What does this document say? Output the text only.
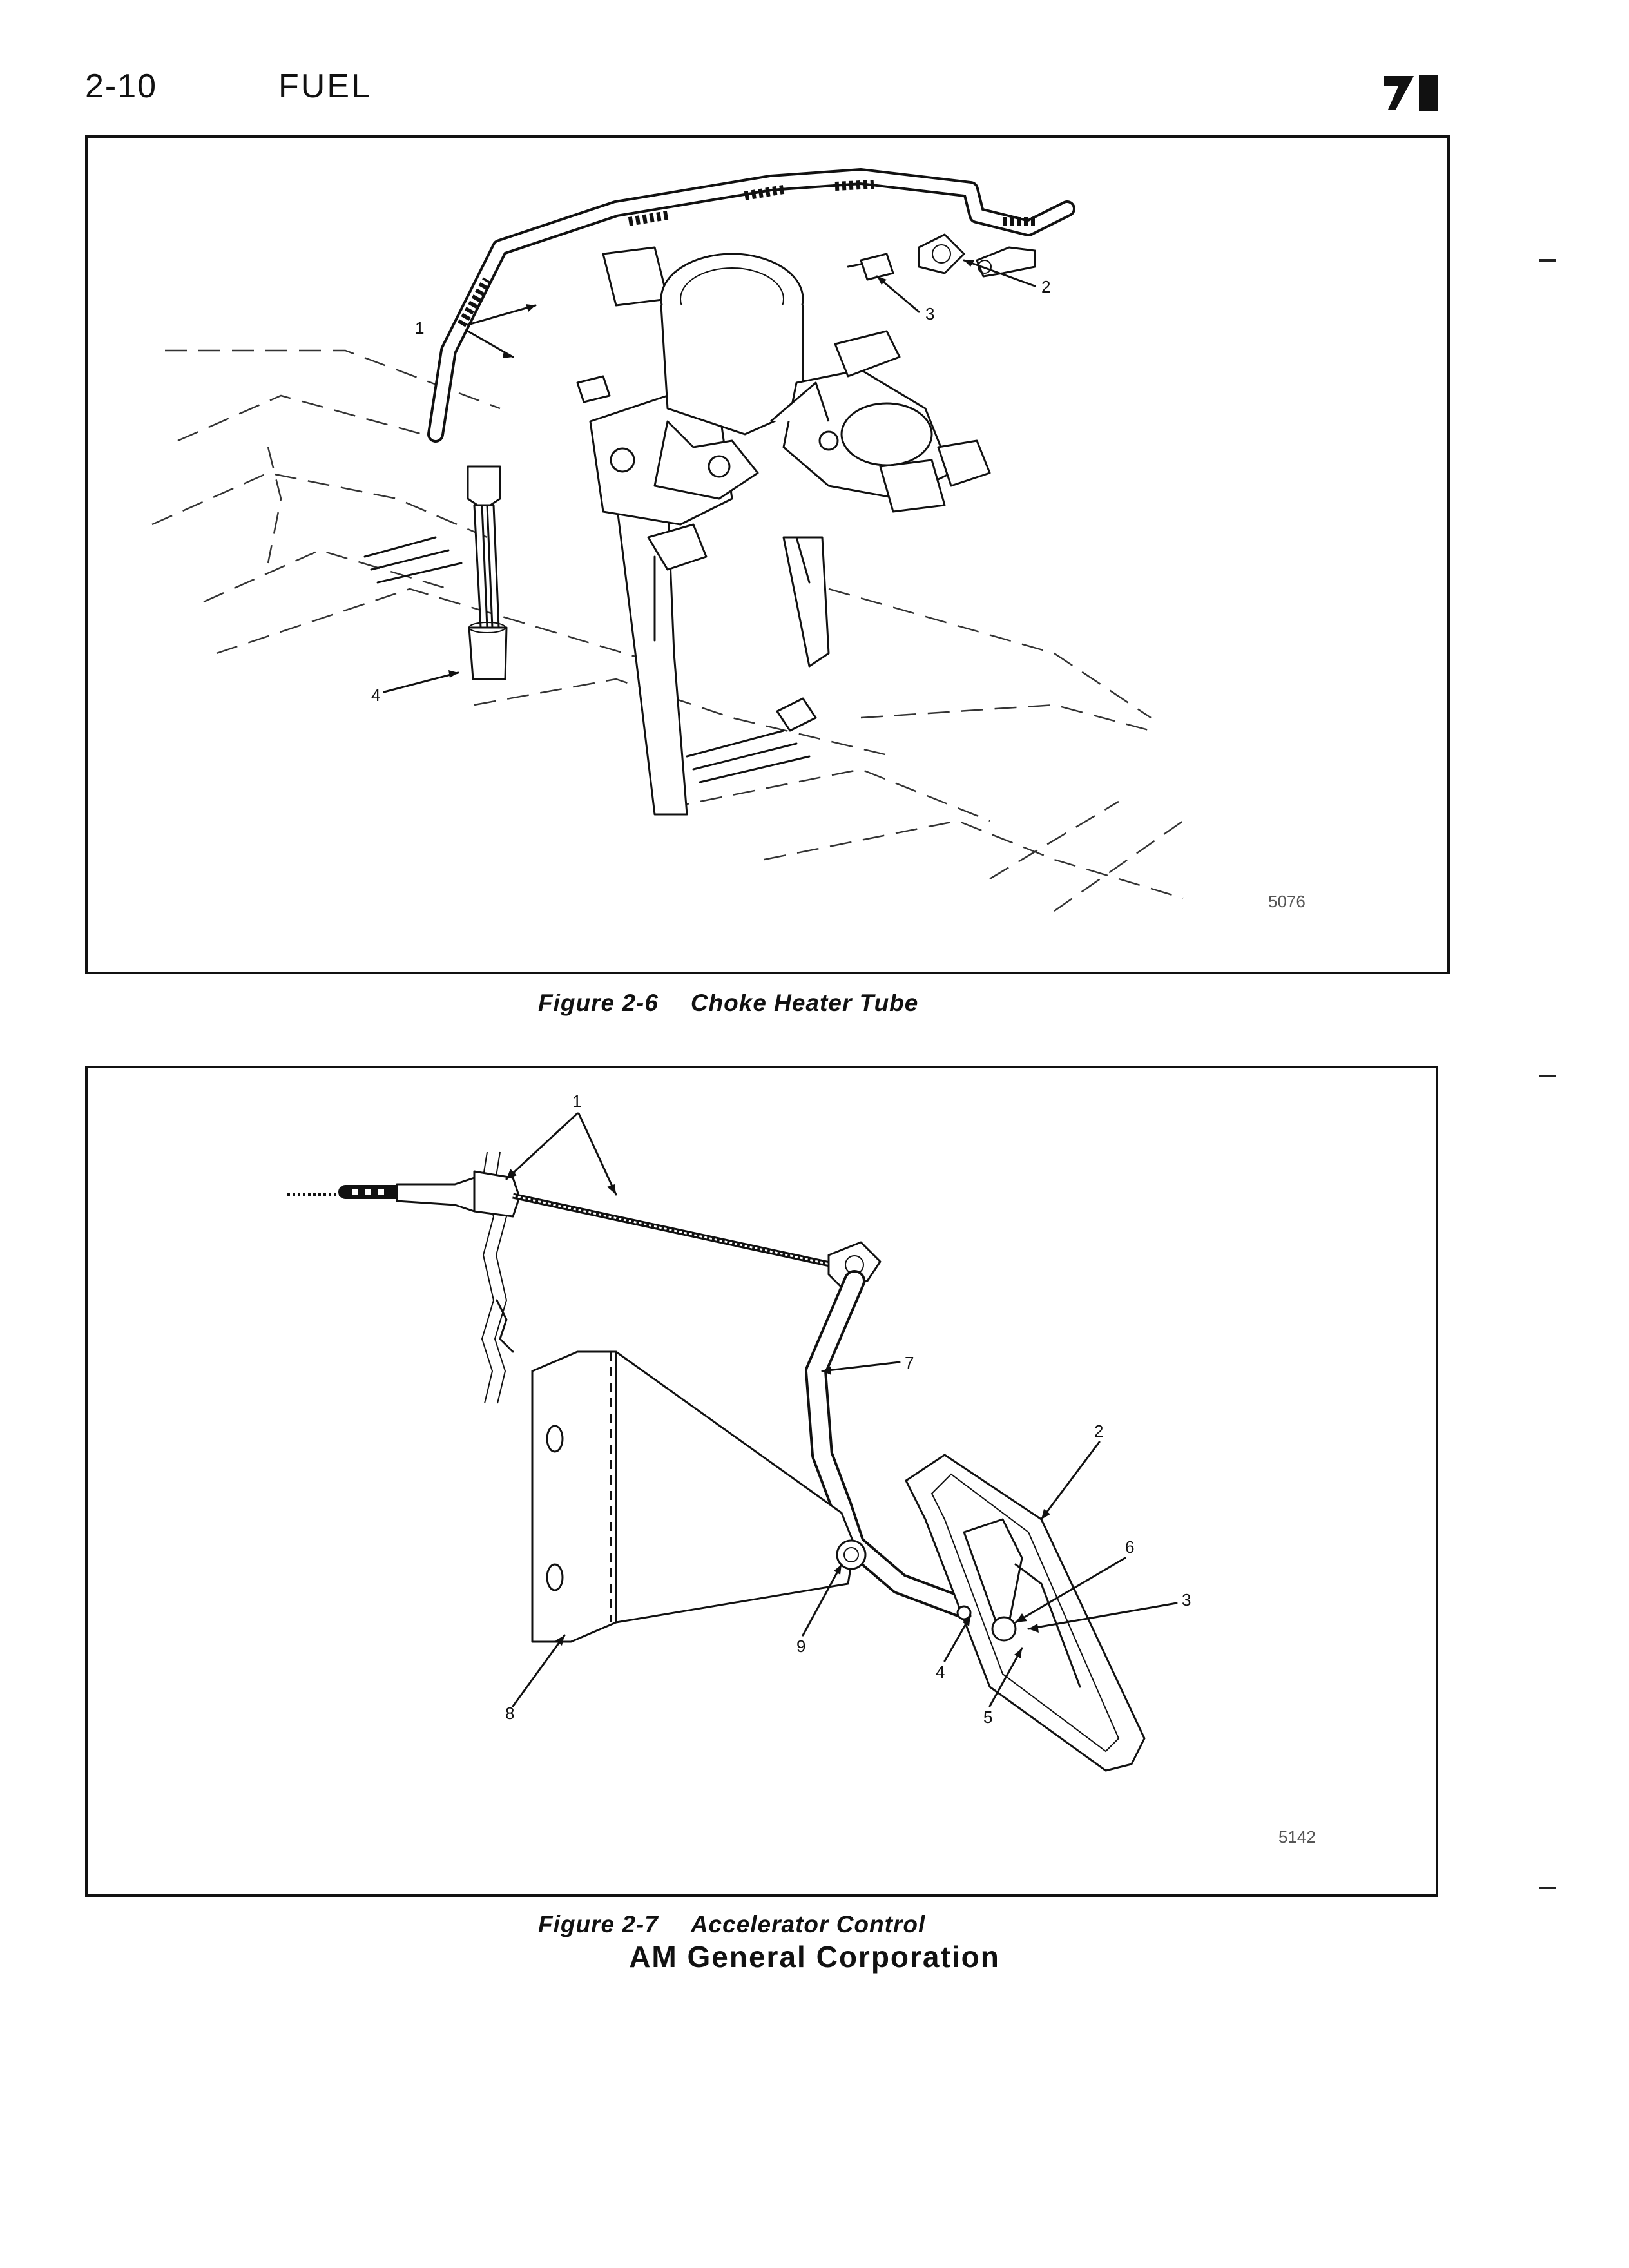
2-10	FUEL
1
2
3
4
5076
Figure 2-6 Choke Heater Tube
1
7
2
6
3
9
4
8	5
5142
Figure 2-7 Accelerator Control
AM General Corporation
